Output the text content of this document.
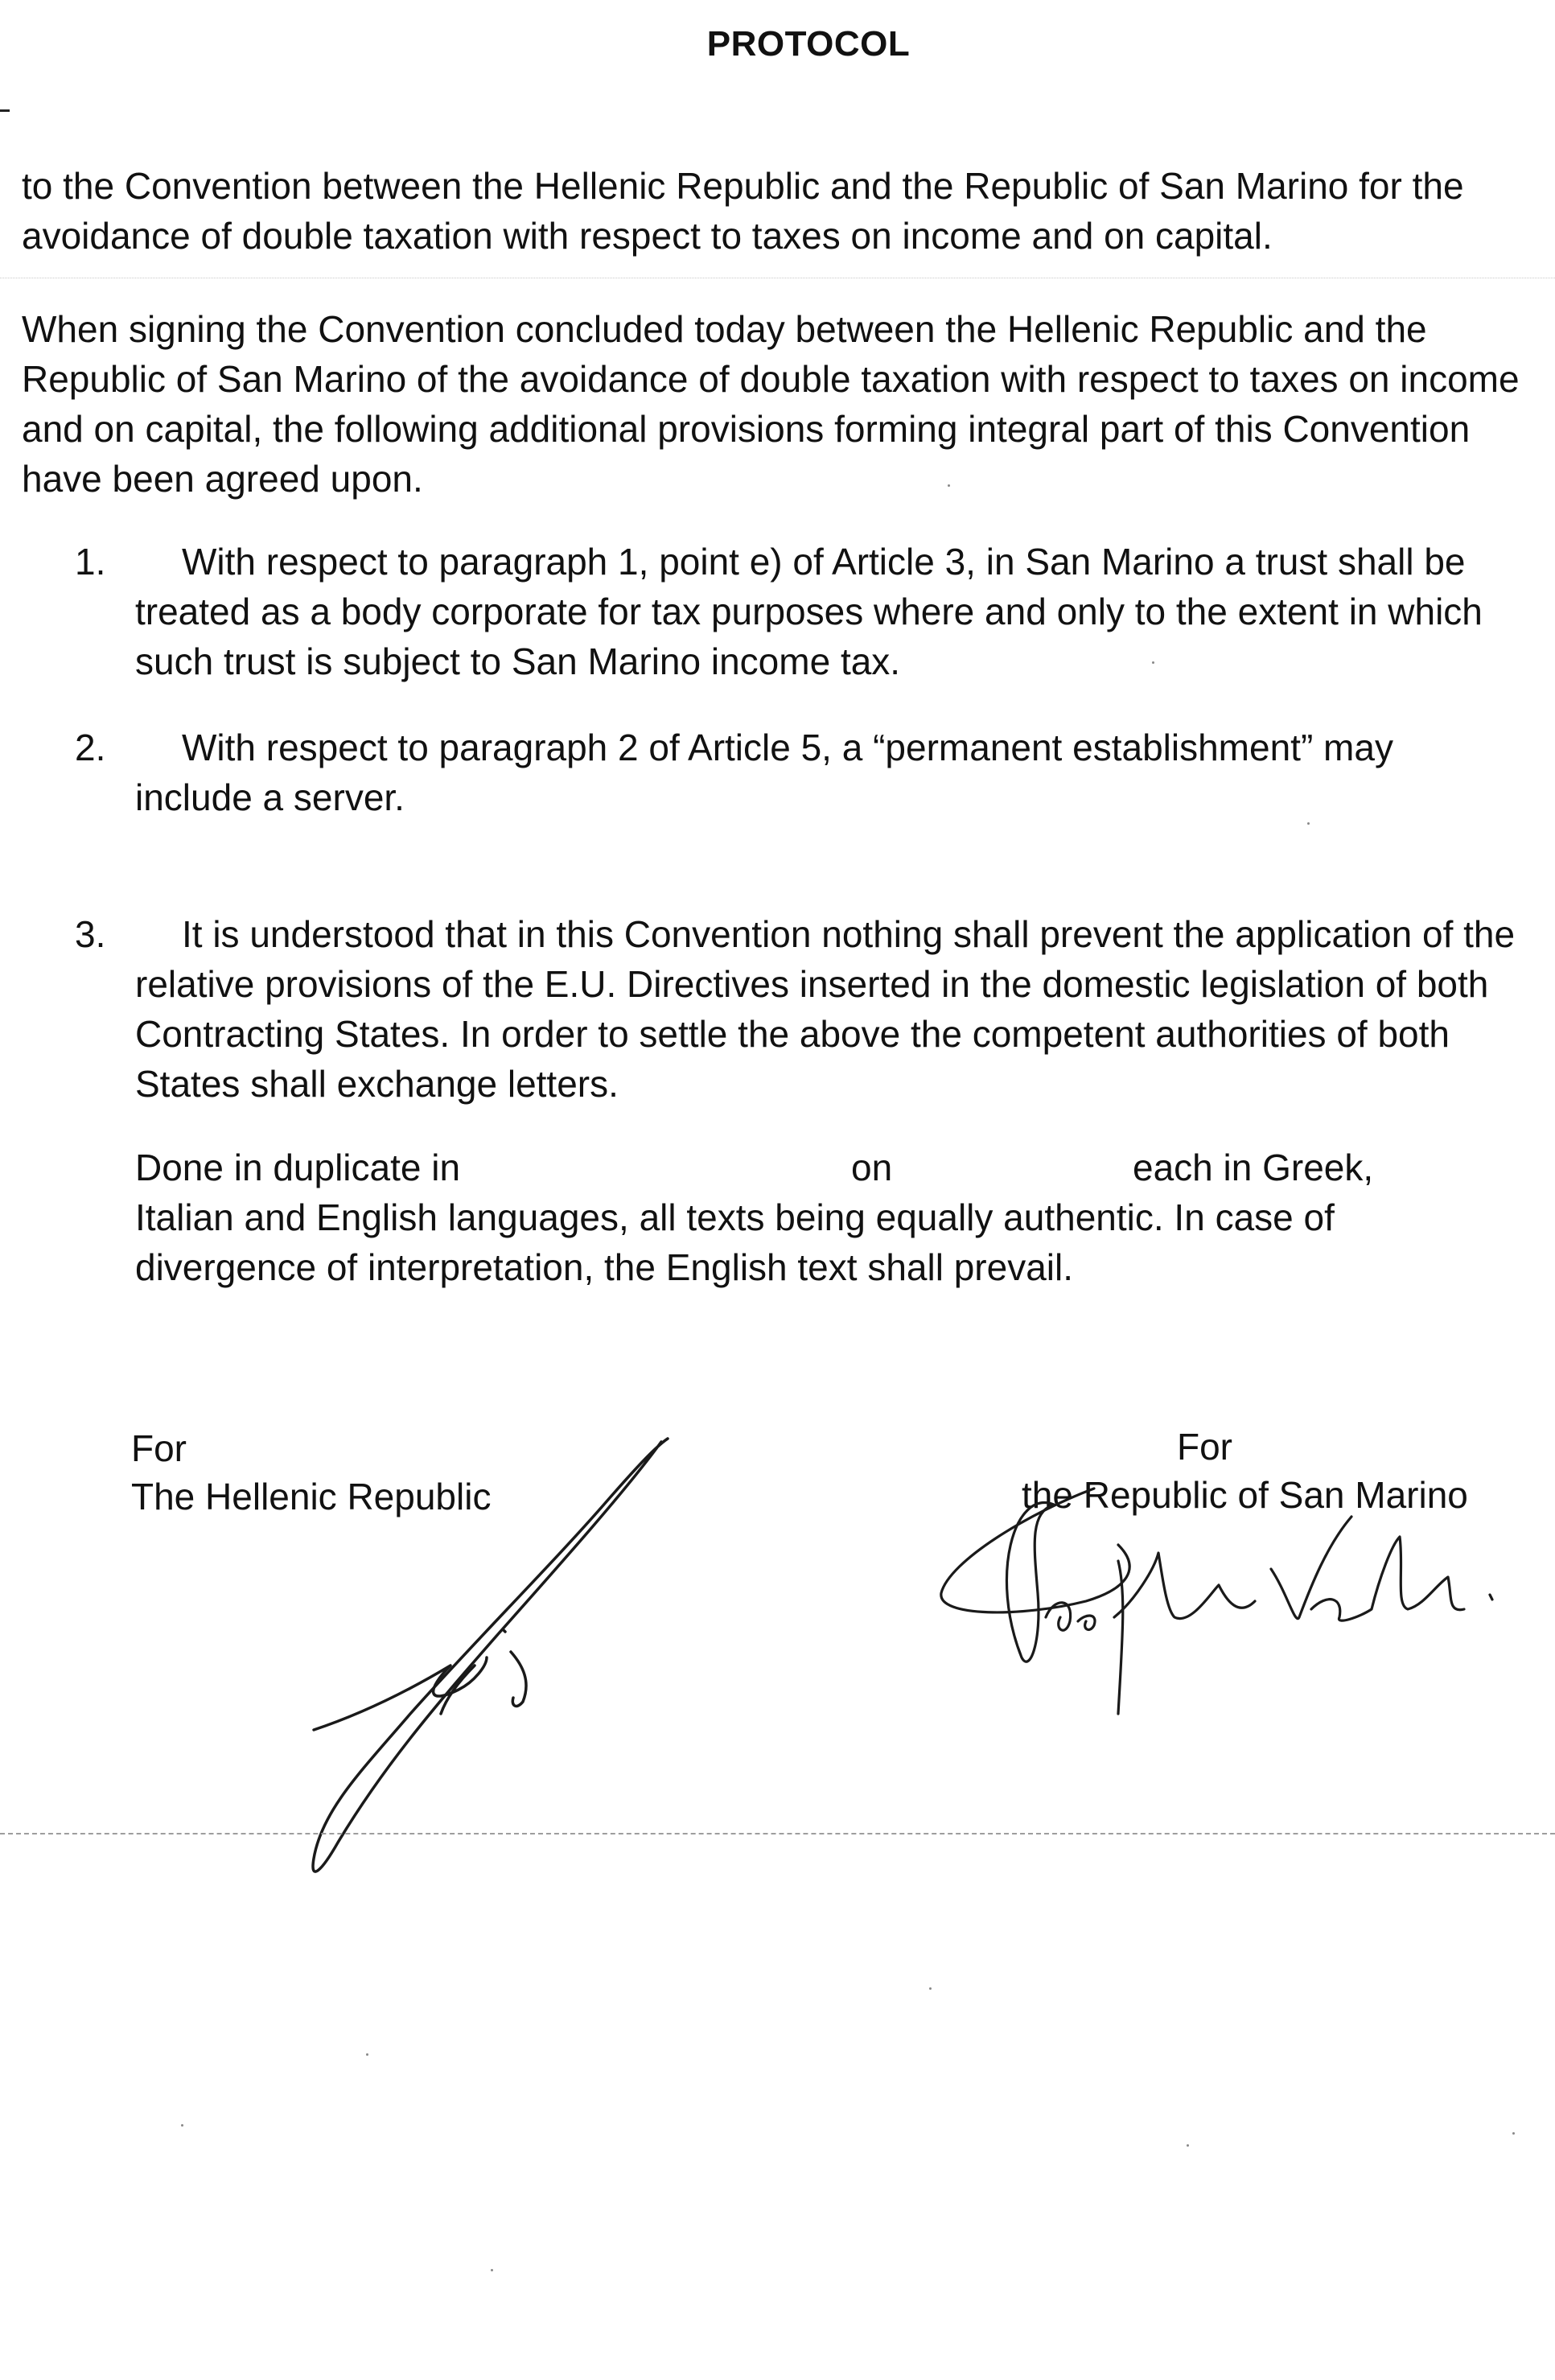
PROTOCOL

to the Convention between the Hellenic Republic and the Republic of San Marino for the avoidance of double taxation with respect to taxes on income and on capital.

When signing the Convention concluded today between the Hellenic Republic and the Republic of San Marino of the avoidance of double taxation with respect to taxes on income and on capital, the following additional provisions forming integral part of this Convention have been agreed upon.

1.	With respect to paragraph 1, point e) of Article 3, in San Marino a trust shall be treated as a body corporate for tax purposes where and only to the extent in which such trust is subject to San Marino income tax.

2.	With respect to paragraph 2 of Article 5, a “permanent establishment” may include a server.

3.	It is understood that in this Convention nothing shall prevent the application of the relative provisions of the E.U. Directives inserted in the domestic legislation of both Contracting States. In order to settle the above the competent authorities of both States shall exchange letters.

Done in duplicate in	on	each in Greek,
Italian and English languages, all texts being equally authentic. In case of divergence of interpretation, the English text shall prevail.
For
The Hellenic Republic
For
the Republic of San Marino
